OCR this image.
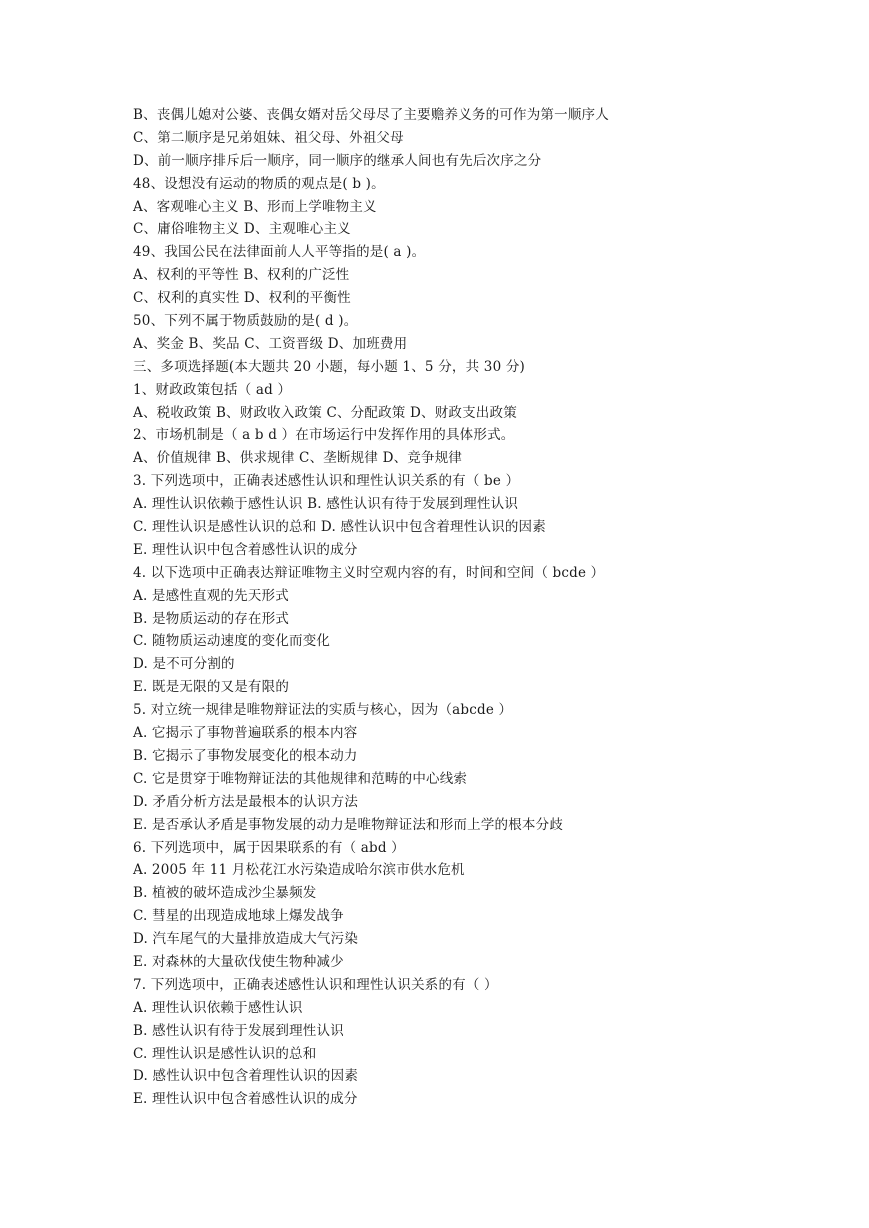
B、丧偶儿媳对公婆、丧偶女婿对岳父母尽了主要赡养义务的可作为第一顺序人
C、第二顺序是兄弟姐妹、祖父母、外祖父母
D、前一顺序排斥后一顺序，同一顺序的继承人间也有先后次序之分
48、设想没有运动的物质的观点是( b )。
A、客观唯心主义 B、形而上学唯物主义
C、庸俗唯物主义 D、主观唯心主义
49、我国公民在法律面前人人平等指的是( a )。
A、权利的平等性 B、权利的广泛性
C、权利的真实性 D、权利的平衡性
50、下列不属于物质鼓励的是( d )。
A、奖金 B、奖品 C、工资晋级 D、加班费用
三、多项选择题(本大题共 20 小题，每小题 1、5 分，共 30 分)
1、财政政策包括（ ad ）
A、税收政策 B、财政收入政策 C、分配政策 D、财政支出政策
2、市场机制是（ a b d ）在市场运行中发挥作用的具体形式。
A、价值规律 B、供求规律 C、垄断规律 D、竞争规律
3. 下列选项中，正确表述感性认识和理性认识关系的有（ be ）
A. 理性认识依赖于感性认识 B. 感性认识有待于发展到理性认识
C. 理性认识是感性认识的总和 D. 感性认识中包含着理性认识的因素
E. 理性认识中包含着感性认识的成分
4. 以下选项中正确表达辩证唯物主义时空观内容的有，时间和空间（ bcde ）
A. 是感性直观的先天形式
B. 是物质运动的存在形式
C. 随物质运动速度的变化而变化
D. 是不可分割的
E. 既是无限的又是有限的
5. 对立统一规律是唯物辩证法的实质与核心，因为（abcde ）
A. 它揭示了事物普遍联系的根本内容
B. 它揭示了事物发展变化的根本动力
C. 它是贯穿于唯物辩证法的其他规律和范畴的中心线索
D. 矛盾分析方法是最根本的认识方法
E. 是否承认矛盾是事物发展的动力是唯物辩证法和形而上学的根本分歧
6. 下列选项中，属于因果联系的有（ abd ）
A. 2005 年 11 月松花江水污染造成哈尔滨市供水危机
B. 植被的破坏造成沙尘暴频发
C. 彗星的出现造成地球上爆发战争
D. 汽车尾气的大量排放造成大气污染
E. 对森林的大量砍伐使生物种减少
7. 下列选项中，正确表述感性认识和理性认识关系的有（ ）
A. 理性认识依赖于感性认识
B. 感性认识有待于发展到理性认识
C. 理性认识是感性认识的总和
D. 感性认识中包含着理性认识的因素
E. 理性认识中包含着感性认识的成分
